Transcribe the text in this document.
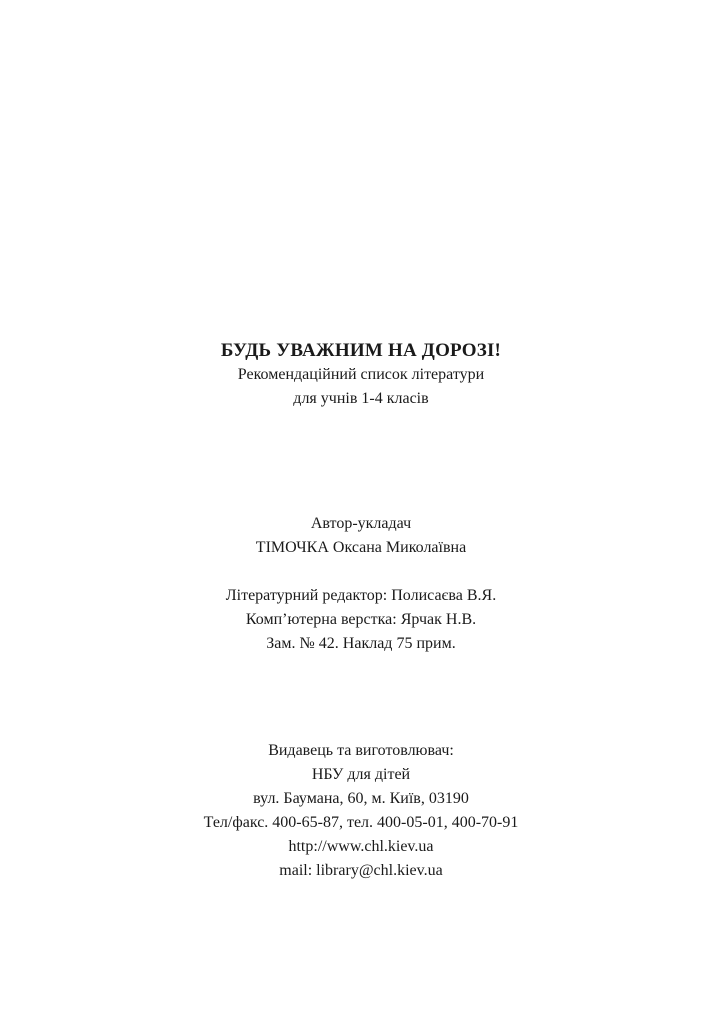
БУДЬ УВАЖНИМ НА ДОРОЗІ!
Рекомендаційний список літератури
для учнів 1-4 класів
Автор-укладач
ТІМОЧКА Оксана Миколаївна
Літературний редактор: Полисаєва В.Я.
Комп’ютерна верстка: Ярчак Н.В.
Зам. № 42. Наклад 75 прим.
Видавець та виготовлювач:
НБУ для дітей
вул. Баумана, 60, м. Київ, 03190
Тел/факс. 400-65-87, тел. 400-05-01, 400-70-91
http://www.chl.kiev.ua
mail: library@chl.kiev.ua
